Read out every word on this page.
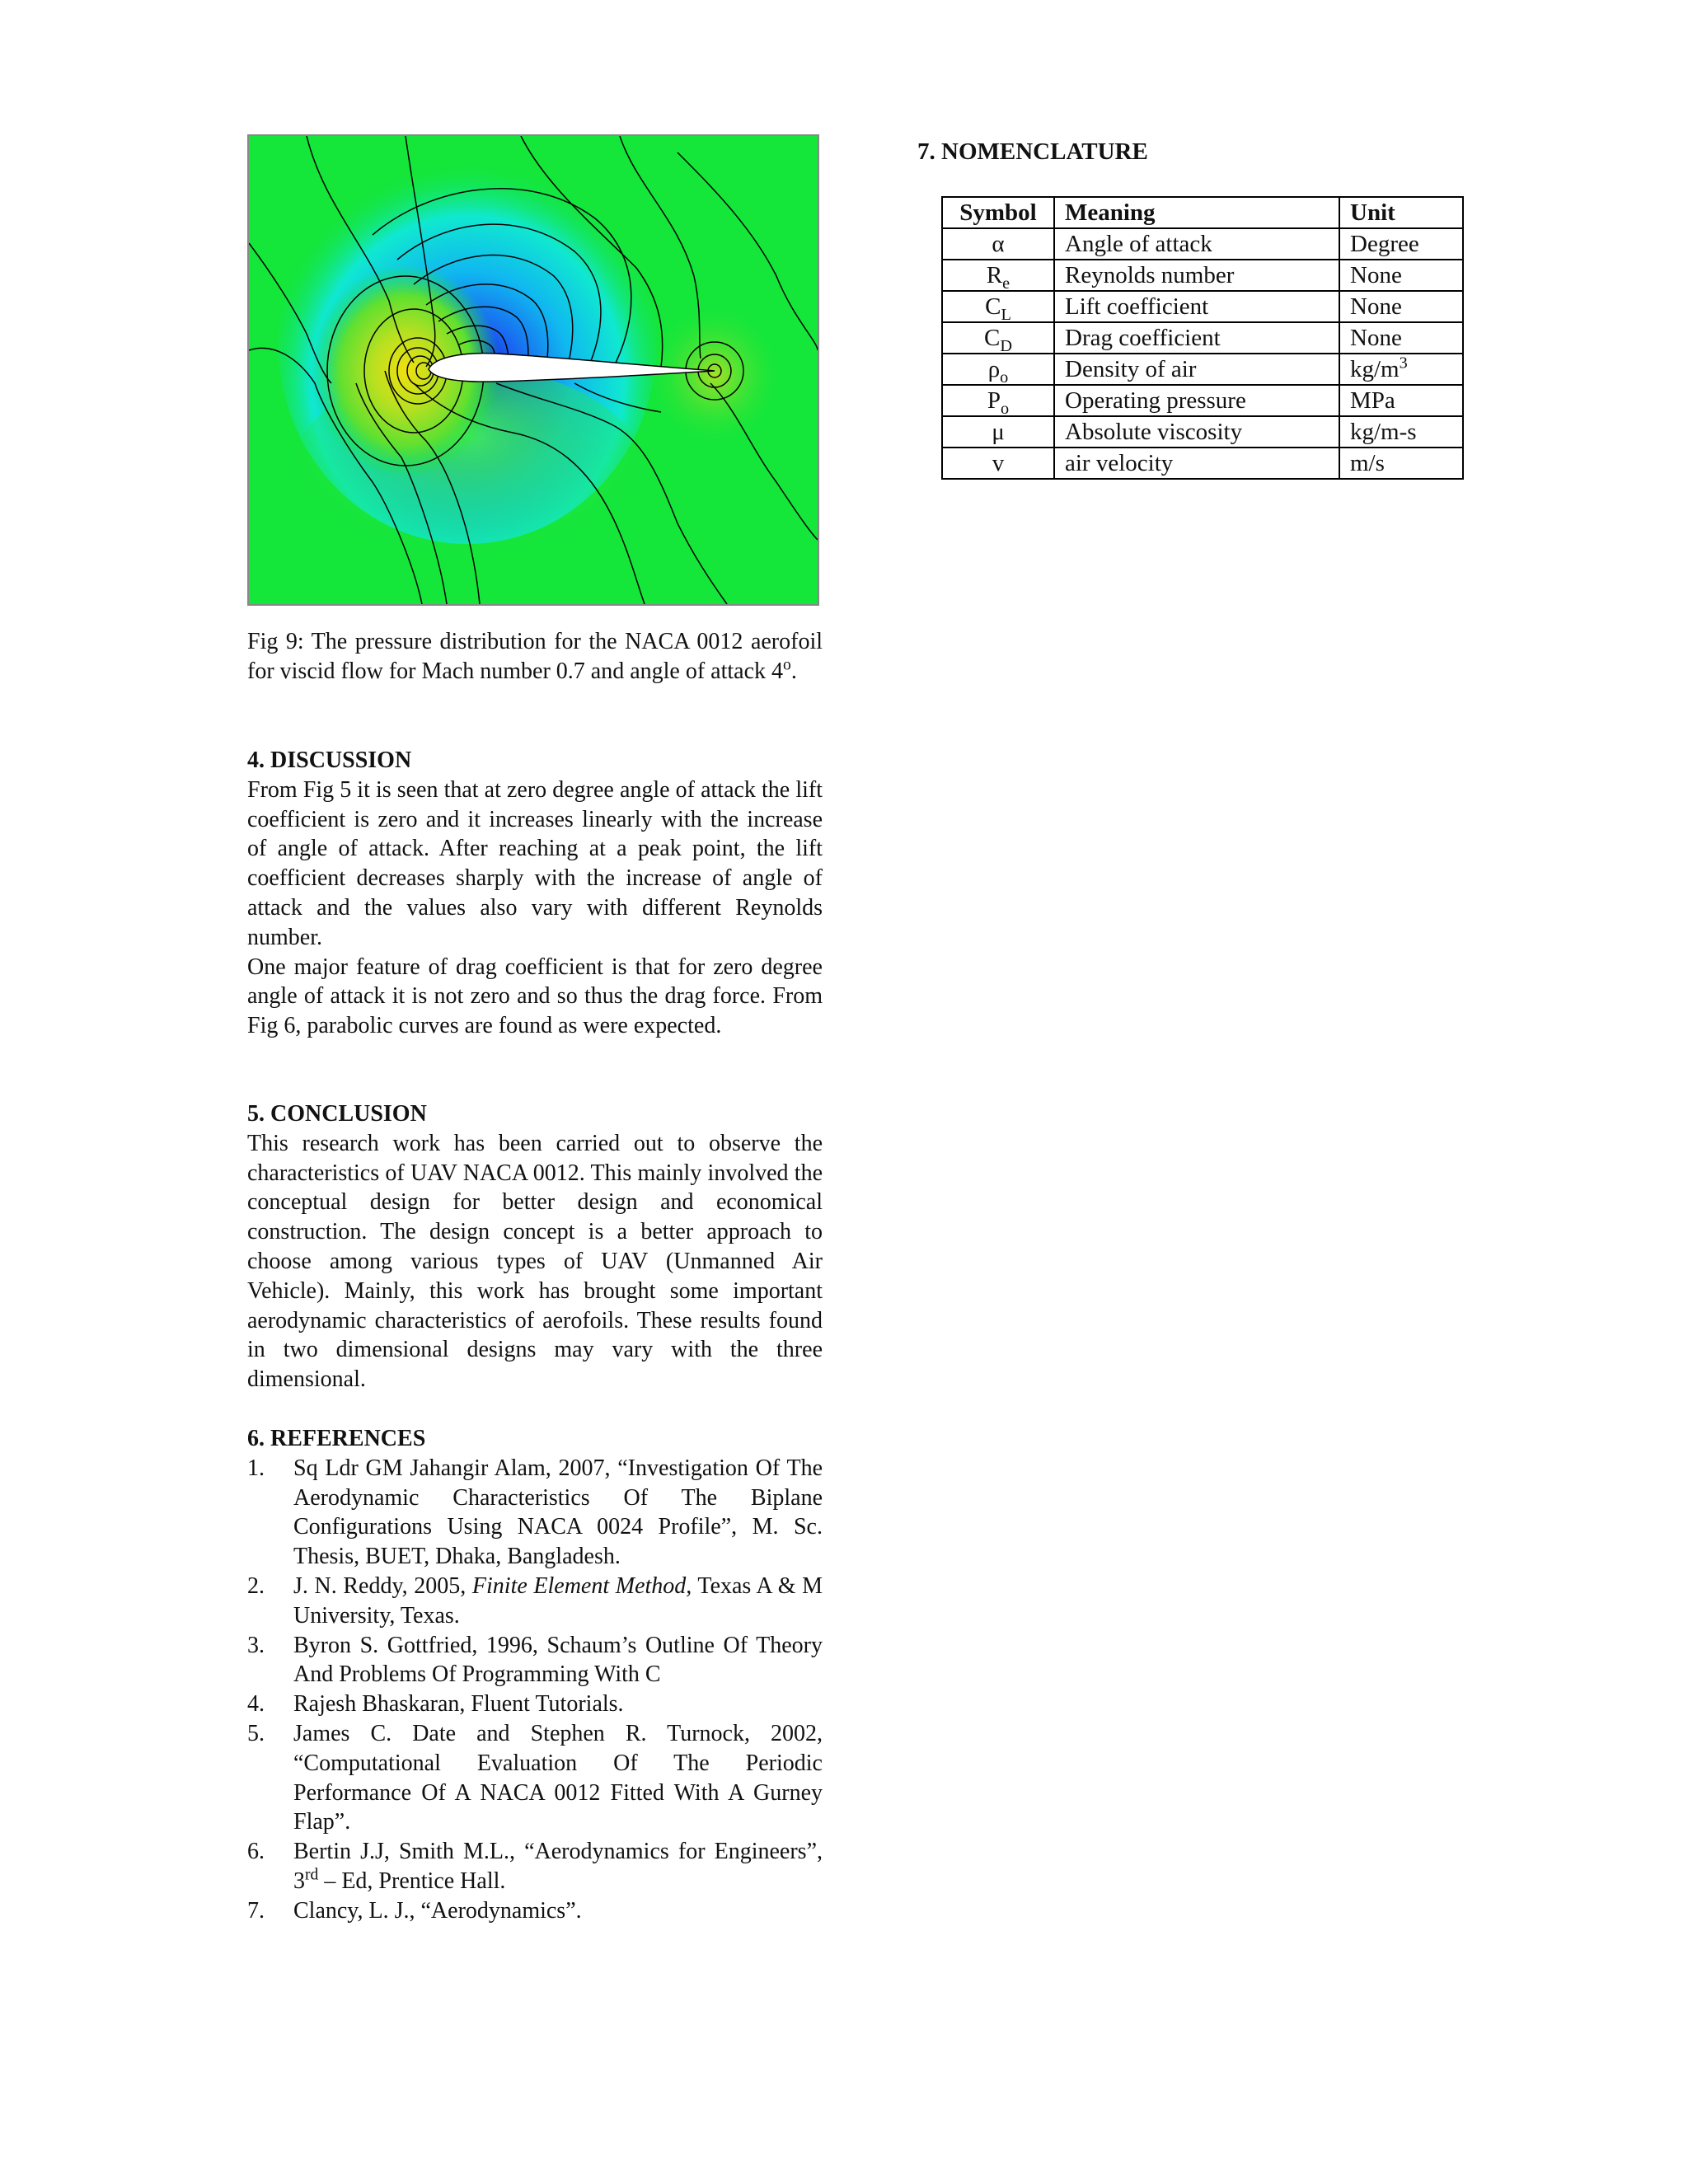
Fig 9: The pressure distribution for the NACA 0012 aerofoil for viscid flow for Mach number 0.7 and angle of attack 4$^o$.
4. DISCUSSION

From Fig 5 it is seen that at zero degree angle of attack the lift coefficient is zero and it increases linearly with the increase of angle of attack. After reaching at a peak point, the lift coefficient decreases sharply with the increase of angle of attack and the values also vary with different Reynolds number.

One major feature of drag coefficient is that for zero degree angle of attack it is not zero and so thus the drag force. From Fig 6, parabolic curves are found as were expected.

5. CONCLUSION

This research work has been carried out to observe the characteristics of UAV NACA 0012. This mainly involved the conceptual design for better design and economical construction. The design concept is a better approach to choose among various types of UAV (Unmanned Air Vehicle). Mainly, this work has brought some important aerodynamic characteristics of aerofoils. These results found in two dimensional designs may vary with the three dimensional.

6. REFERENCES
1. Sq Ldr GM Jahangir Alam, 2007, “Investigation Of The Aerodynamic Characteristics Of The Biplane Configurations Using NACA 0024 Profile”, M. Sc. Thesis, BUET, Dhaka, Bangladesh.
2. J. N. Reddy, 2005, Finite Element Method, Texas A & M University, Texas.
3. Byron S. Gottfried, 1996, Schaum’s Outline Of Theory And Problems Of Programming With C
4. Rajesh Bhaskaran, Fluent Tutorials.
5. James C. Date and Stephen R. Turnock, 2002, “Computational Evaluation Of The Periodic Performance Of A NACA 0012 Fitted With A Gurney Flap”.
6. Bertin J.J, Smith M.L., “Aerodynamics for Engineers”, 3rd – Ed, Prentice Hall.
7. Clancy, L. J., “Aerodynamics”.
7. NOMENCLATURE
Symbol	Meaning	Unit
α	Angle of attack	Degree
$R_e$	Reynolds number	None
$C_L$	Lift coefficient	None
$C_D$	Drag coefficient	None
$\rho_o$	Density of air	$kg/m^3$
$P_o$	Operating pressure	MPa
μ	Absolute viscosity	kg/m-s
v	air velocity	m/s
